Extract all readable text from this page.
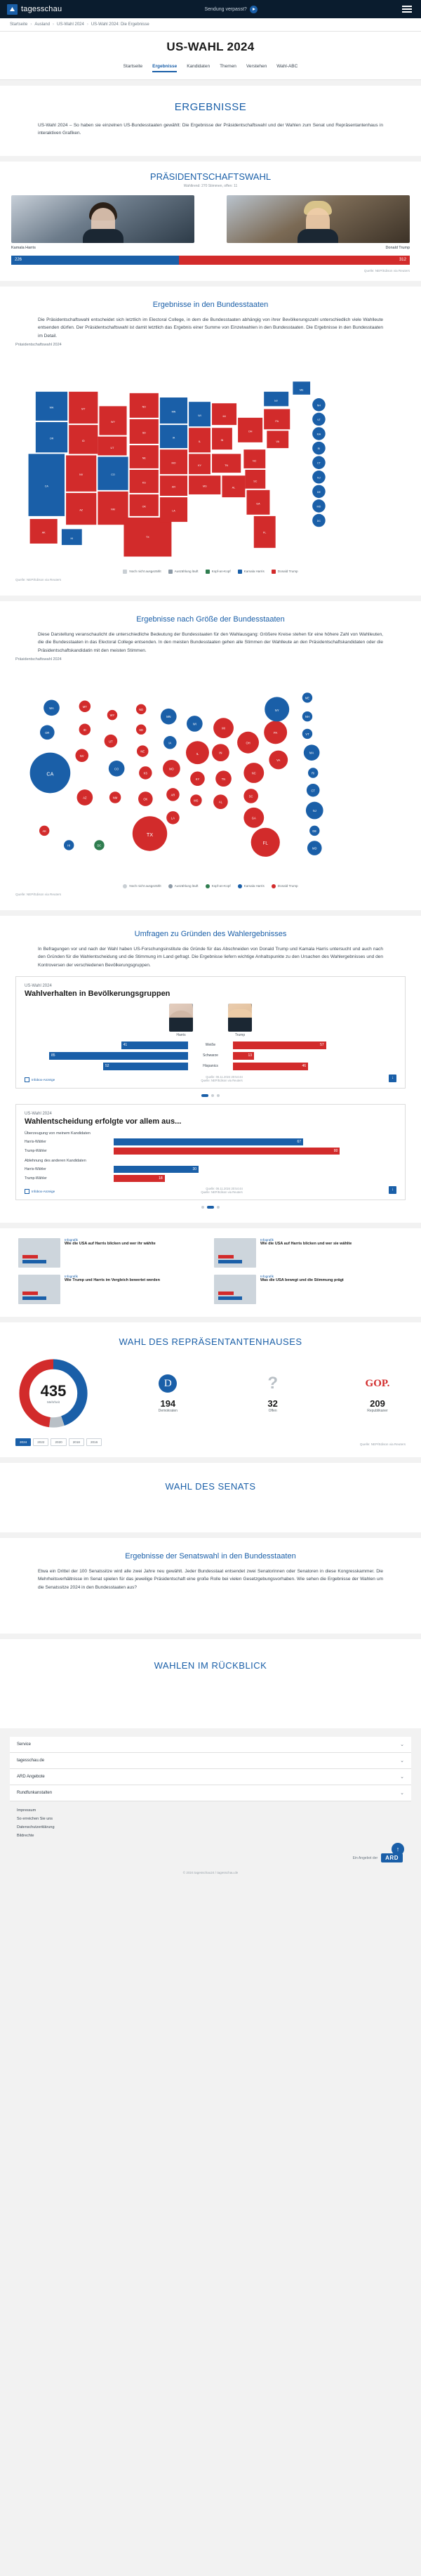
tagesschau	Sendung verpasst?
Startseite › Ausland › US-Wahl 2024 › US-Wahl 2024: Die Ergebnisse
US-WAHL 2024
Startseite Ergebnisse Kandidaten Themen Verstehen Wahl-ABC
ERGEBNISSE
US-Wahl 2024 – So haben sie einzelnen US-Bundesstaaten gewählt: Die Ergebnisse der Präsidentschaftswahl und der Wahlen zum Senat und Repräsentantenhaus in interaktiven Grafiken.
PRÄSIDENTSCHAFTSWAHL
Wahltrend: 270 Stimmen, offen: 11
Kamala Harris	Donald Trump
226	312
Quelle: NEP/Edison via Reuters
Ergebnisse in den Bundesstaaten
Die Präsidentschaftswahl entscheidet sich letztlich im Electoral College, in dem die Bundesstaaten abhängig von ihrer Bevölkerungszahl unterschiedlich viele Wahlleute entsenden dürfen. Der Präsidentschaftswahl ist damit letztlich das Ergebnis einer Summe von Einzelwahlen in den Bundesstaaten. Die Ergebnisse in den Bundesstaaten im Detail.
Präsidentschaftswahl 2024
WA
OR
CA
MT
ID
NV
AZ
WY
CO
UT
NM
ND
SD
NE
KS
OK
TX
MN
IA
MO
AR
LA
WI
IL
IN
KY
MS
AL
TN
MI
OH
NC
SC
GA
FL
PA
VA
NY
ME
NH
VT
MA
RI
CT
NJ
DE
MD
DC
AK
HI
Noch nicht ausgezählt	Auszählung läuft	Kopf-an-Kopf	Kamala Harris	Donald Trump
Quelle: NEP/Edison via Reuters
Ergebnisse nach Größe der Bundesstaaten
Diese Darstellung veranschaulicht die unterschiedliche Bedeutung der Bundesstaaten für den Wahlausgang: Größere Kreise stehen für eine höhere Zahl von Wahlleuten, die die Bundesstaaten in das Electoral College entsenden. In den meisten Bundesstaaten gehen alle Stimmen der Wahlleute an den Präsidentschaftskandidaten oder die Präsidentschaftskandidatin mit den meisten Stimmen.
Präsidentschaftswahl 2024
WA
OR
CA
MT
ID
NV
AZ
WY
UT
CO
NM
ND
SD
NE
KS
OK
TX
MN
IA
MO
AR
LA
WI
IL	IN
KY
MS	AL
TN
MI
OH
NC
SC
GA
FL
PA
VA
NY
ME
NH
VT
MA
RI
CT
NJ
DE
MD
AK
HI	DC
Noch nicht ausgezählt	Auszählung läuft	Kopf-an-Kopf	Kamala Harris	Donald Trump
Quelle: NEP/Edison via Reuters
Umfragen zu Gründen des Wahlergebnisses
In Befragungen vor und nach der Wahl haben US-Forschungsinstitute die Gründe für das Abschneiden von Donald Trump und Kamala Harris untersucht und auch nach den Gründen für die Wahlentscheidung und die Stimmung im Land gefragt. Die Ergebnisse liefern wichtige Anhaltspunkte zu den Ursachen des Wahlergebnisses und den Kontroversen der verschiedenen Bevölkerungsgruppen.
US-Wahl 2024
Wahlverhalten in Bevölkerungsgruppen
Harris	Trump
41	Weiße	57
85	Schwarze	13
52	Hispanics	46
Infobox-Anzeige
Quelle: 06.11.2024 20:54:44
Quelle: NEP/Edison via Reuters	↓
US-Wahl 2024
Wahlentscheidung erfolgte vor allem aus...
Überzeugung von meinem Kandidaten
Harris-Wähler	67
Trump-Wähler	80
Ablehnung des anderen Kandidaten
Harris-Wähler	30
Trump-Wähler	18
Infobox-Anzeige
Quelle: 06.11.2024 20:54:44
Quelle: NEP/Edison via Reuters	↓
Infografik
Wie die USA auf Harris blicken und wer ihr wählte
Infografik
Wie die USA auf Harris blicken und wer sie wählte
Infografik
Wie Trump und Harris im Vergleich bewertet werden
Infografik
Was die USA bewegt und die Stimmung prägt
WAHL DES REPRÄSENTANTENHAUSES
435
Mehrheit
D
194
Demokraten
?
32
Offen
GOP.
209
Republikaner
2024	2022	2020	2018	2016
Quelle: NEP/Edison via Reuters
WAHL DES SENATS
Ergebnisse der Senatswahl in den Bundesstaaten
Etwa ein Drittel der 100 Senatssitze wird alle zwei Jahre neu gewählt. Jeder Bundesstaat entsendet zwei Senatorinnen oder Senatoren in diese Kongresskammer. Die Mehrheitsverhältnisse im Senat spielen für das jeweilige Präsidentschaft eine große Rolle bei vielen Gesetzgebungsvorhaben. Wie sehen die Ergebnisse der Wahlen um die Senatssitze 2024 in den Bundesstaaten aus?
WAHLEN IM RÜCKBLICK
Service	⌄
tagesschau.de	⌄
ARD Angebote	⌄
Rundfunkanstalten	⌄
Impressum
So erreichen Sie uns
Datenschutzerklärung
Bildrechte
Ein Angebot der	ARD
↑
© 2024 tagesschau24 / tagesschau.de
